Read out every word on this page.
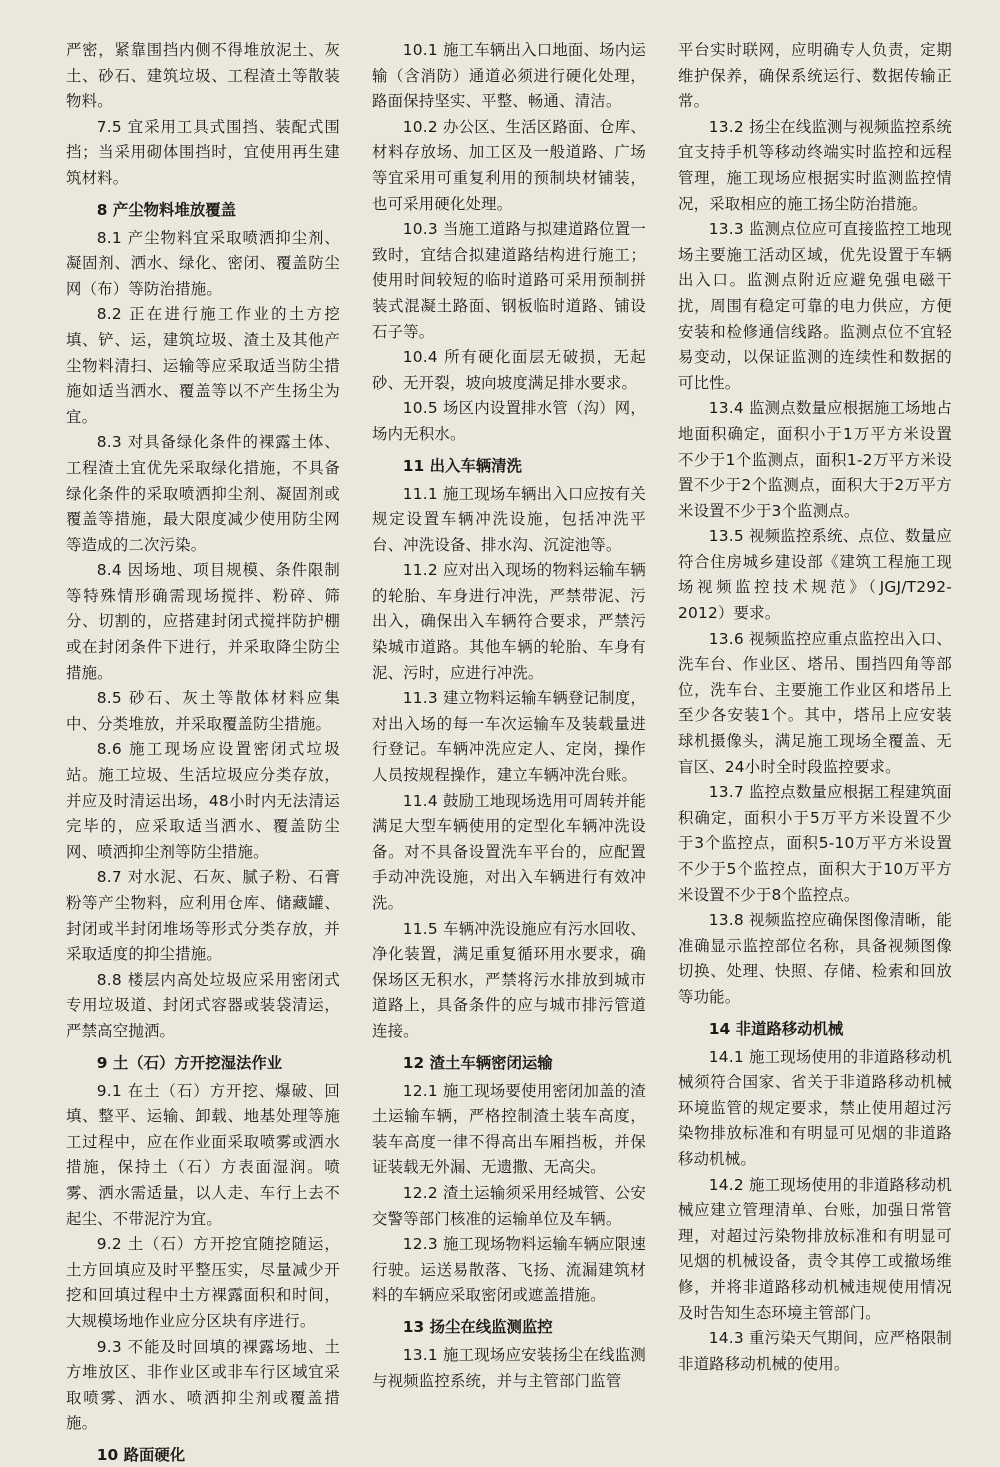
严密，紧靠围挡内侧不得堆放泥土、灰土、砂石、建筑垃圾、工程渣土等散装物料。

7.5 宜采用工具式围挡、装配式围挡；当采用砌体围挡时，宜使用再生建筑材料。

8 产尘物料堆放覆盖

8.1 产尘物料宜采取喷洒抑尘剂、凝固剂、洒水、绿化、密闭、覆盖防尘网（布）等防治措施。

8.2 正在进行施工作业的土方挖填、铲、运，建筑垃圾、渣土及其他产尘物料清扫、运输等应采取适当防尘措施如适当洒水、覆盖等以不产生扬尘为宜。

8.3 对具备绿化条件的裸露土体、工程渣土宜优先采取绿化措施，不具备绿化条件的采取喷洒抑尘剂、凝固剂或覆盖等措施，最大限度减少使用防尘网等造成的二次污染。

8.4 因场地、项目规模、条件限制等特殊情形确需现场搅拌、粉碎、筛分、切割的，应搭建封闭式搅拌防护棚或在封闭条件下进行，并采取降尘防尘措施。

8.5 砂石、灰土等散体材料应集中、分类堆放，并采取覆盖防尘措施。

8.6 施工现场应设置密闭式垃圾站。施工垃圾、生活垃圾应分类存放，并应及时清运出场，48小时内无法清运完毕的，应采取适当洒水、覆盖防尘网、喷洒抑尘剂等防尘措施。

8.7 对水泥、石灰、腻子粉、石膏粉等产尘物料，应利用仓库、储藏罐、封闭或半封闭堆场等形式分类存放，并采取适度的抑尘措施。

8.8 楼层内高处垃圾应采用密闭式专用垃圾道、封闭式容器或装袋清运，严禁高空抛洒。

9 土（石）方开挖湿法作业

9.1 在土（石）方开挖、爆破、回填、整平、运输、卸载、地基处理等施工过程中，应在作业面采取喷雾或洒水措施，保持土（石）方表面湿润。喷雾、洒水需适量，以人走、车行上去不起尘、不带泥泞为宜。

9.2 土（石）方开挖宜随挖随运，土方回填应及时平整压实，尽量减少开挖和回填过程中土方裸露面积和时间，大规模场地作业应分区块有序进行。

9.3 不能及时回填的裸露场地、土方堆放区、非作业区或非车行区域宜采取喷雾、洒水、喷洒抑尘剂或覆盖措施。

10 路面硬化

10.1 施工车辆出入口地面、场内运输（含消防）通道必须进行硬化处理，路面保持坚实、平整、畅通、清洁。

10.2 办公区、生活区路面、仓库、材料存放场、加工区及一般道路、广场等宜采用可重复利用的预制块材铺装，也可采用硬化处理。

10.3 当施工道路与拟建道路位置一致时，宜结合拟建道路结构进行施工；使用时间较短的临时道路可采用预制拼装式混凝土路面、钢板临时道路、铺设石子等。

10.4 所有硬化面层无破损，无起砂、无开裂，坡向坡度满足排水要求。

10.5 场区内设置排水管（沟）网，场内无积水。

11 出入车辆清洗

11.1 施工现场车辆出入口应按有关规定设置车辆冲洗设施，包括冲洗平台、冲洗设备、排水沟、沉淀池等。

11.2 应对出入现场的物料运输车辆的轮胎、车身进行冲洗，严禁带泥、污出入，确保出入车辆符合要求，严禁污染城市道路。其他车辆的轮胎、车身有泥、污时，应进行冲洗。

11.3 建立物料运输车辆登记制度，对出入场的每一车次运输车及装载量进行登记。车辆冲洗应定人、定岗，操作人员按规程操作，建立车辆冲洗台账。

11.4 鼓励工地现场选用可周转并能满足大型车辆使用的定型化车辆冲洗设备。对不具备设置洗车平台的，应配置手动冲洗设施，对出入车辆进行有效冲洗。

11.5 车辆冲洗设施应有污水回收、净化装置，满足重复循环用水要求，确保场区无积水，严禁将污水排放到城市道路上，具备条件的应与城市排污管道连接。

12 渣土车辆密闭运输

12.1 施工现场要使用密闭加盖的渣土运输车辆，严格控制渣土装车高度，装车高度一律不得高出车厢挡板，并保证装载无外漏、无遗撒、无高尖。

12.2 渣土运输须采用经城管、公安交警等部门核准的运输单位及车辆。

12.3 施工现场物料运输车辆应限速行驶。运送易散落、飞扬、流漏建筑材料的车辆应采取密闭或遮盖措施。

13 扬尘在线监测监控

13.1 施工现场应安装扬尘在线监测与视频监控系统，并与主管部门监管

平台实时联网，应明确专人负责，定期维护保养，确保系统运行、数据传输正常。

13.2 扬尘在线监测与视频监控系统宜支持手机等移动终端实时监控和远程管理，施工现场应根据实时监测监控情况，采取相应的施工扬尘防治措施。

13.3 监测点位应可直接监控工地现场主要施工活动区域，优先设置于车辆出入口。监测点附近应避免强电磁干扰，周围有稳定可靠的电力供应，方便安装和检修通信线路。监测点位不宜轻易变动，以保证监测的连续性和数据的可比性。

13.4 监测点数量应根据施工场地占地面积确定，面积小于1万平方米设置不少于1个监测点，面积1-2万平方米设置不少于2个监测点，面积大于2万平方米设置不少于3个监测点。

13.5 视频监控系统、点位、数量应符合住房城乡建设部《建筑工程施工现场视频监控技术规范》（JGJ/T292-2012）要求。

13.6 视频监控应重点监控出入口、洗车台、作业区、塔吊、围挡四角等部位，洗车台、主要施工作业区和塔吊上至少各安装1个。其中，塔吊上应安装球机摄像头，满足施工现场全覆盖、无盲区、24小时全时段监控要求。

13.7 监控点数量应根据工程建筑面积确定，面积小于5万平方米设置不少于3个监控点，面积5-10万平方米设置不少于5个监控点，面积大于10万平方米设置不少于8个监控点。

13.8 视频监控应确保图像清晰，能准确显示监控部位名称，具备视频图像切换、处理、快照、存储、检索和回放等功能。

14 非道路移动机械

14.1 施工现场使用的非道路移动机械须符合国家、省关于非道路移动机械环境监管的规定要求，禁止使用超过污染物排放标准和有明显可见烟的非道路移动机械。

14.2 施工现场使用的非道路移动机械应建立管理清单、台账，加强日常管理，对超过污染物排放标准和有明显可见烟的机械设备，责令其停工或撤场维修，并将非道路移动机械违规使用情况及时告知生态环境主管部门。

14.3 重污染天气期间，应严格限制非道路移动机械的使用。
